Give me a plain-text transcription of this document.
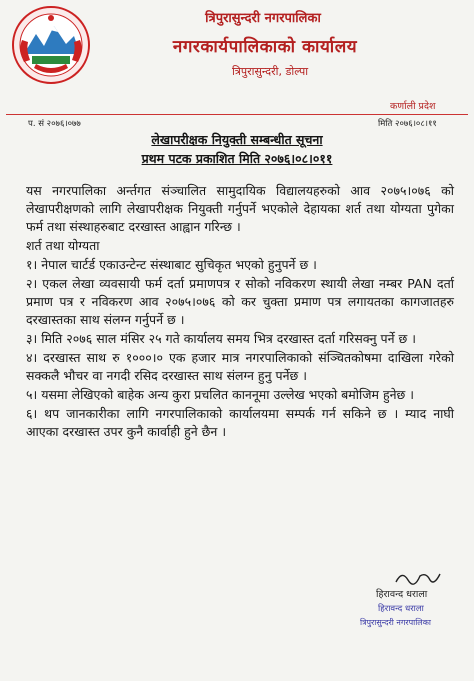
त्रिपुरासुन्दरी नगरपालिका
नगरकार्यपालिकाको कार्यालय
त्रिपुरासुन्दरी, डोल्पा
कर्णाली प्रदेश
प. सं २०७६।०७७	मिति २०७६।०८।११
लेखापरीक्षक नियुक्ती सम्बन्धीत सूचना
प्रथम पटक प्रकाशित मिति २०७६।०८।०११

यस नगरपालिका अर्न्तगत संञ्चालित सामुदायिक विद्यालयहरुको आव २०७५।०७६ को लेखापरीक्षणको लागि लेखापरीक्षक नियुक्ती गर्नुपर्ने भएकोले देहायका शर्त तथा योग्यता पुगेका फर्म तथा संस्थाहरुबाट दरखास्त आह्वान गरिन्छ ।

शर्त तथा योग्यता

१। नेपाल चार्टर्ड एकाउन्टेन्ट संस्थाबाट सुचिकृत भएको हुनुपर्ने छ ।

२। एकल लेखा व्यवसायी फर्म दर्ता प्रमाणपत्र र सोको नविकरण स्थायी लेखा नम्बर PAN दर्ता प्रमाण पत्र र नविकरण आव २०७५।०७६ को कर चुक्ता प्रमाण पत्र लगायतका कागजातहरु दरखास्तका साथ संलग्न गर्नुपर्ने छ ।

३। मिति २०७६ साल मंसिर २५ गते कार्यालय समय भित्र दरखास्त दर्ता गरिसक्नु पर्ने छ ।

४। दरखास्त साथ रु १०००।० एक हजार मात्र नगरपालिकाको संञ्चितकोषमा दाखिला गरेको सक्कलै भौचर वा नगदी रसिद दरखास्त साथ संलग्न हुनु पर्नेछ ।

५। यसमा लेखिएको बाहेक अन्य कुरा प्रचलित काननूमा उल्लेख भएको बमोजिम हुनेछ ।

६। थप जानकारीका लागि नगरपालिकाको कार्यालयमा सम्पर्क गर्न सकिने छ । म्याद नाघी आएका दरखास्त उपर कुनै कार्वाही हुने छैन ।

हिरावन्द धराला
हिरावन्द धराला
त्रिपुरासुन्दरी नगरपालिका
